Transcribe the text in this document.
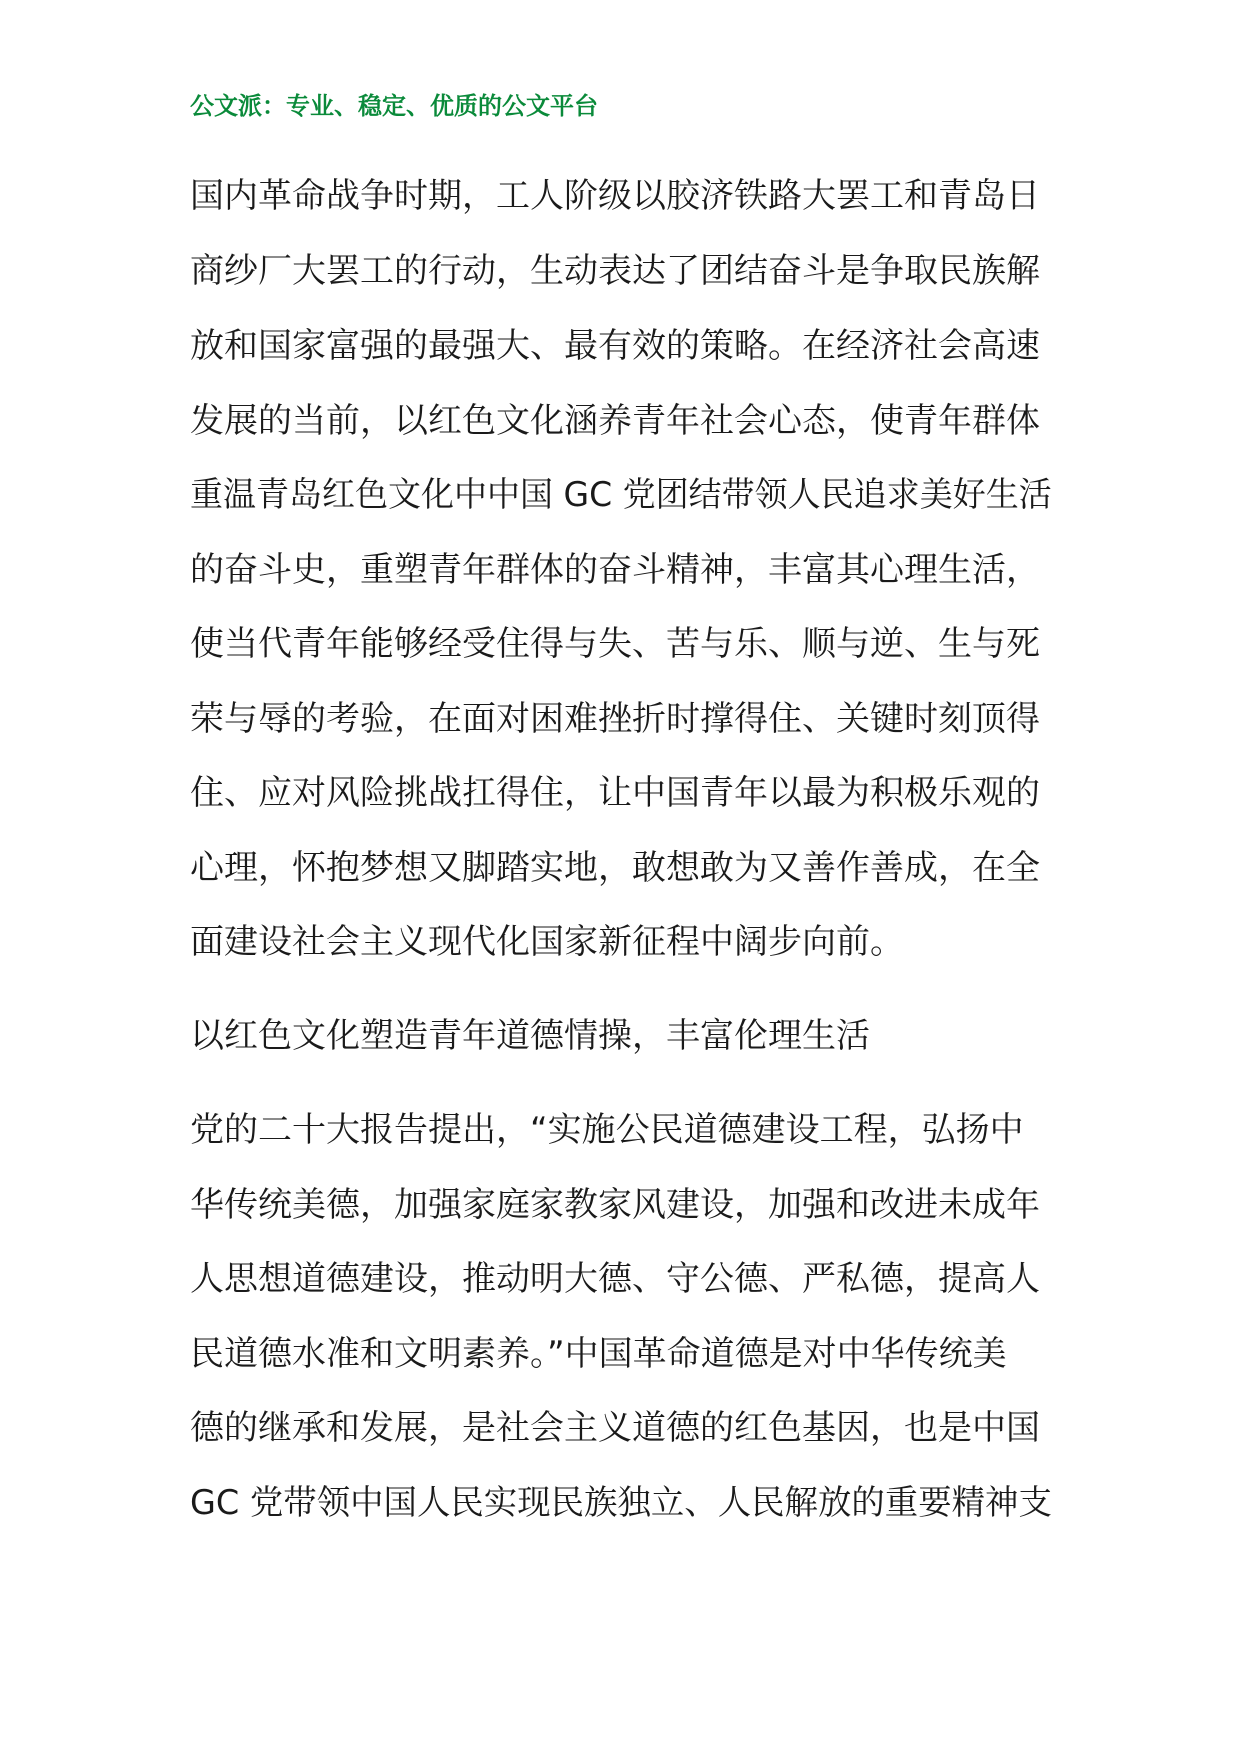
公文派：专业、稳定、优质的公文平台
国内革命战争时期，工人阶级以胶济铁路大罢工和青岛日
商纱厂大罢工的行动，生动表达了团结奋斗是争取民族解
放和国家富强的最强大、最有效的策略。在经济社会高速
发展的当前，以红色文化涵养青年社会心态，使青年群体
重温青岛红色文化中中国 GC 党团结带领人民追求美好生活
的奋斗史，重塑青年群体的奋斗精神，丰富其心理生活，
使当代青年能够经受住得与失、苦与乐、顺与逆、生与死
荣与辱的考验，在面对困难挫折时撑得住、关键时刻顶得
住、应对风险挑战扛得住，让中国青年以最为积极乐观的
心理，怀抱梦想又脚踏实地，敢想敢为又善作善成，在全
面建设社会主义现代化国家新征程中阔步向前。
以红色文化塑造青年道德情操，丰富伦理生活
党的二十大报告提出，“实施公民道德建设工程，弘扬中
华传统美德，加强家庭家教家风建设，加强和改进未成年
人思想道德建设，推动明大德、守公德、严私德，提高人
民道德水准和文明素养。”中国革命道德是对中华传统美
德的继承和发展，是社会主义道德的红色基因，也是中国
GC 党带领中国人民实现民族独立、人民解放的重要精神支
